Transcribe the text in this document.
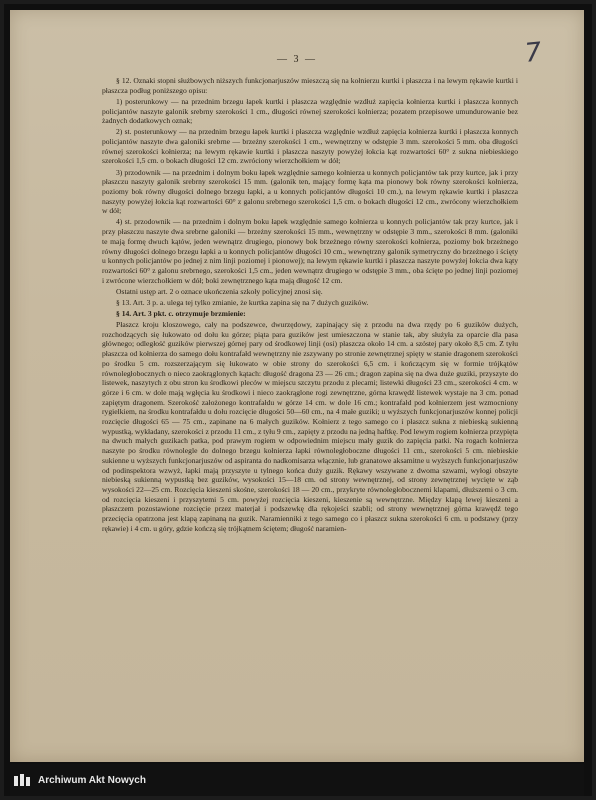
— 3 —	7

§ 12. Oznaki stopni służbowych niższych funkcjonarjuszów mieszczą się na kołnierzu kurtki i płaszcza i na lewym rękawie kurtki i płaszcza podług poniższego opisu:

1) posterunkowy — na przednim brzegu łapek kurtki i płaszcza względnie wzdłuż zapięcia kołnierza kurtki i płaszcza konnych policjantów naszyte galonik srebrny szerokości 1 cm., długości równej szerokości kołnierza; pozatem przepisowe umundurowanie bez żadnych dodatkowych oznak;

2) st. posterunkowy — na przednim brzegu łapek kurtki i płaszcza względnie wzdłuż zapięcia kołnierza kurtki i płaszcza konnych policjantów naszyte dwa galoniki srebrne — brzeżny szerokości 1 cm., wewnętrzny w odstępie 3 mm. szerokości 5 mm. oba długości równej szerokości kołnierza; na lewym rękawie kurtki i płaszcza naszyty powyżej łokcia kąt rozwartości 60° z sukna niebieskiego szerokości 1,5 cm. o bokach długości 12 cm. zwróciony wierzchołkiem w dół;

3) przodownik — na przednim i dolnym boku łapek względnie samego kołnierza u konnych policjantów tak przy kurtce, jak i przy płaszczu naszyty galonik srebrny szerokości 15 mm. (galonik ten, mający formę kąta ma pionowy bok równy szerokości kołnierza, poziomy bok równy długości dolnego brzegu łapki, a u konnych policjantów długości 10 cm.), na lewym rękawie kurtki i płaszcza naszyty powyżej łokcia kąt rozwartości 60° z galonu srebrnego szerokości 1,5 cm. o bokach długości 12 cm., zwrócony wierzchołkiem w dół;

4) st. przodownik — na przednim i dolnym boku łapek względnie samego kołnierza u konnych policjantów tak przy kurtce, jak i przy płaszczu naszyte dwa srebrne galoniki — brzeżny szerokości 15 mm., wewnętrzny w odstępie 3 mm., szerokości 8 mm. (galoniki te mają formę dwuch kątów, jeden wewnątrz drugiego, pionowy bok brzeżnego równy szerokości kołnierza, poziomy bok brzeżnego równy długości dolnego brzegu łapki a u konnych policjantów długości 10 cm., wewnętrzny galonik symetryczny do brzeżnego i ścięty u konnych policjantów po jednej z nim linji poziomej i pionowej); na lewym rękawie kurtki i płaszcza naszyte powyżej łokcia dwa kąty rozwartości 60° z galonu srebrnego, szerokości 1,5 cm., jeden wewnątrz drugiego w odstępie 3 mm., oba ścięte po jednej linji poziomej i zwrócone wierzchołkiem w dół; boki zewnętrznego kąta mają długość 12 cm.

Ostatni ustęp art. 2 o oznace ukończenia szkoły policyjnej znosi się.

§ 13. Art. 3 p. a. ulega tej tylko zmianie, że kurtka zapina się na 7 dużych guzików.

§ 14. Art. 3 pkt. c. otrzymuje brzmienie:

Płaszcz kroju kloszowego, cały na podszewce, dwurzędowy, zapinający się z przodu na dwa rzędy po 6 guzików dużych, rozchodzących się łukowato od dołu ku górze; piąta para guzików jest umieszczona w stanie tak, aby służyła za oparcie dla pasa głównego; odległość guzików pierwszej górnej pary od środkowej linji (osi) płaszcza około 14 cm. a szóstej pary około 8,5 cm. Z tyłu płaszcza od kołnierza do samego dołu kontrafałd wewnętrzny nie zszywany po stronie zewnętrznej spięty w stanie dragonem szerokości po środku 5 cm. rozszerzającym się łukowato w obie strony do szerokości 6,5 cm. i kończącym się w formie trójkątów równoległobocznych o nieco zaokrąglonych kątach: długość dragona 23 — 26 cm.; dragon zapina się na dwa duże guziki, przyszyte do listewek, naszytych z obu stron ku środkowi pleców w miejscu szczytu przodu z plecami; listewki długości 23 cm., szerokości 4 cm. w górze i 6 cm. w dole mają wgłęcia ku środkowi i nieco zaokrąglone rogi zewnętrzne, górna krawędź listewek wystaje na 3 cm. ponad zapiętym dragonem. Szerokość założonego kontrafałdu w górze 14 cm. w dole 16 cm.; kontrafałd pod kołnierzem jest wzmocniony rygielkiem, na środku kontrafałdu u dołu rozcięcie długości 50—60 cm., na 4 małe guziki; u wyższych funkcjonarjuszów konnej policji rozcięcie długości 65 — 75 cm., zapinane na 6 małych guzików. Kołnierz z tego samego co i płaszcz sukna z niebieską sukienną wypustką, wykładany, szerokości z przodu 11 cm., z tyłu 9 cm., zapięty z przodu na jedną haftkę. Pod lewym rogiem kołnierza przypięta na dwuch małych guzikach patka, pod prawym rogiem w odpowiednim miejscu mały guzik do zapięcia patki. Na rogach kołnierza naszyte po środku równolegle do dolnego brzegu kołnierza łapki równoległoboczne długości 11 cm., szerokości 5 cm. niebieskie sukienne u wyższych funkcjonarjuszów od aspiranta do nadkomisarza włącznie, lub granatowe aksamitne u wyższych funkcjonarjuszów od podinspektora wzwyż, łapki mają przyszyte u tylnego końca duży guzik. Rękawy wszywane z dwoma szwami, wyłogi obszyte niebieską sukienną wypustką bez guzików, wysokości 15—18 cm. od strony wewnętrznej, od strony zewnętrznej wycięte w ząb wysokości 22—25 cm. Rozcięcia kieszeni skośne, szerokości 18 — 20 cm., przykryte równoległobocznemi klapami, dłuższemi o 3 cm. od rozcięcia kieszeni i przyszytemi 5 cm. powyżej rozcięcia kieszeni, kieszenie są wewnętrzne. Między klapą lewej kieszeni a płaszczem pozostawione rozcięcie przez materjał i podszewkę dla rękojeści szabli; od strony wewnętrznej górna krawędź tego przecięcia opatrzona jest klapą zapinaną na guzik. Naramienniki z tego samego co i płaszcz sukna szerokości 6 cm. u podstawy (przy rękawie) i 4 cm. u góry, gdzie kończą się trójkątnem ściętem; długość naramien-

Archiwum Akt Nowych
